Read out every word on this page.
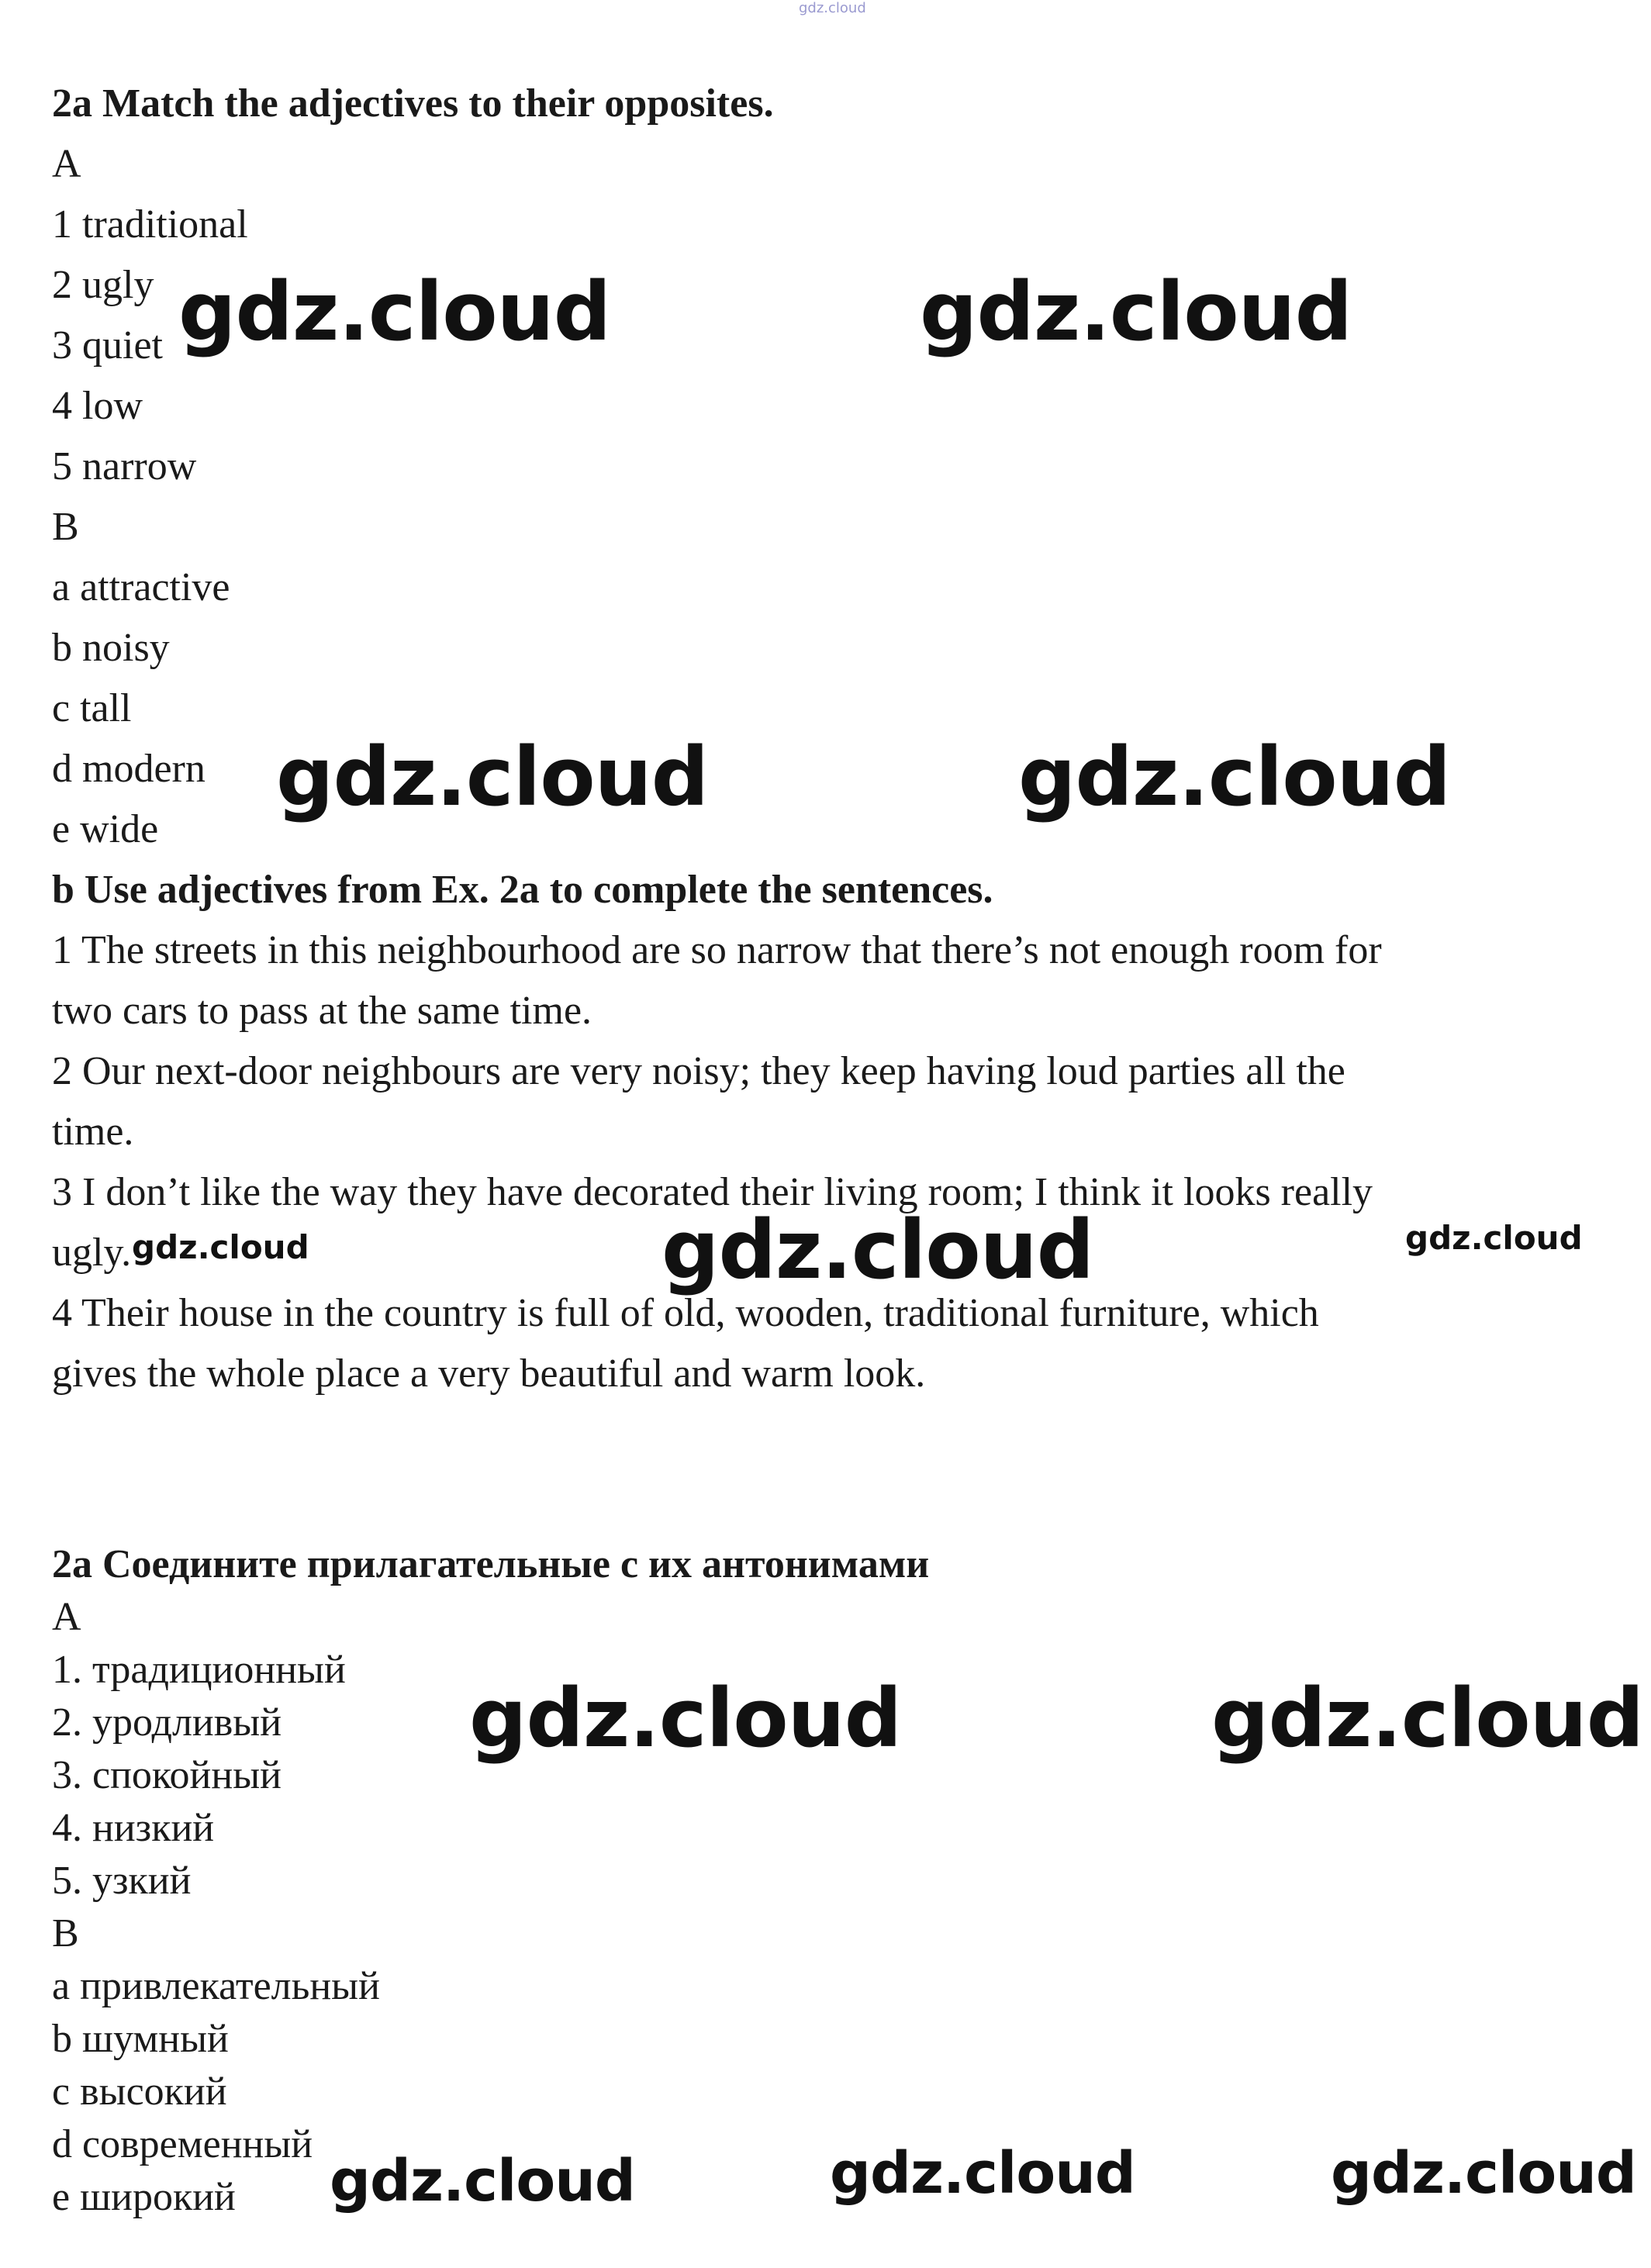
gdz.cloud
2a Match the adjectives to their opposites.
A
1 traditional
2 ugly
3 quiet
4 low
5 narrow
B
a attractive
b noisy
c tall
d modern
e wide
b Use adjectives from Ex. 2a to complete the sentences.
1 The streets in this neighbourhood are so narrow that there’s not enough room for
two cars to pass at the same time.
2 Our next-door neighbours are very noisy; they keep having loud parties all the
time.
3 I don’t like the way they have decorated their living room; I think it looks really
ugly.
4 Their house in the country is full of old, wooden, traditional furniture, which
gives the whole place a very beautiful and warm look.
2a Соедините прилагательные с их антонимами
A
1. традиционный
2. уродливый
3. спокойный
4. низкий
5. узкий
B
a привлекательный
b шумный
c высокий
d современный
e широкий
gdz.cloud	gdz.cloud
gdz.cloud	gdz.cloud
gdz.cloud	gdz.cloud	gdz.cloud
gdz.cloud	gdz.cloud
gdz.cloud	gdz.cloud	gdz.cloud
